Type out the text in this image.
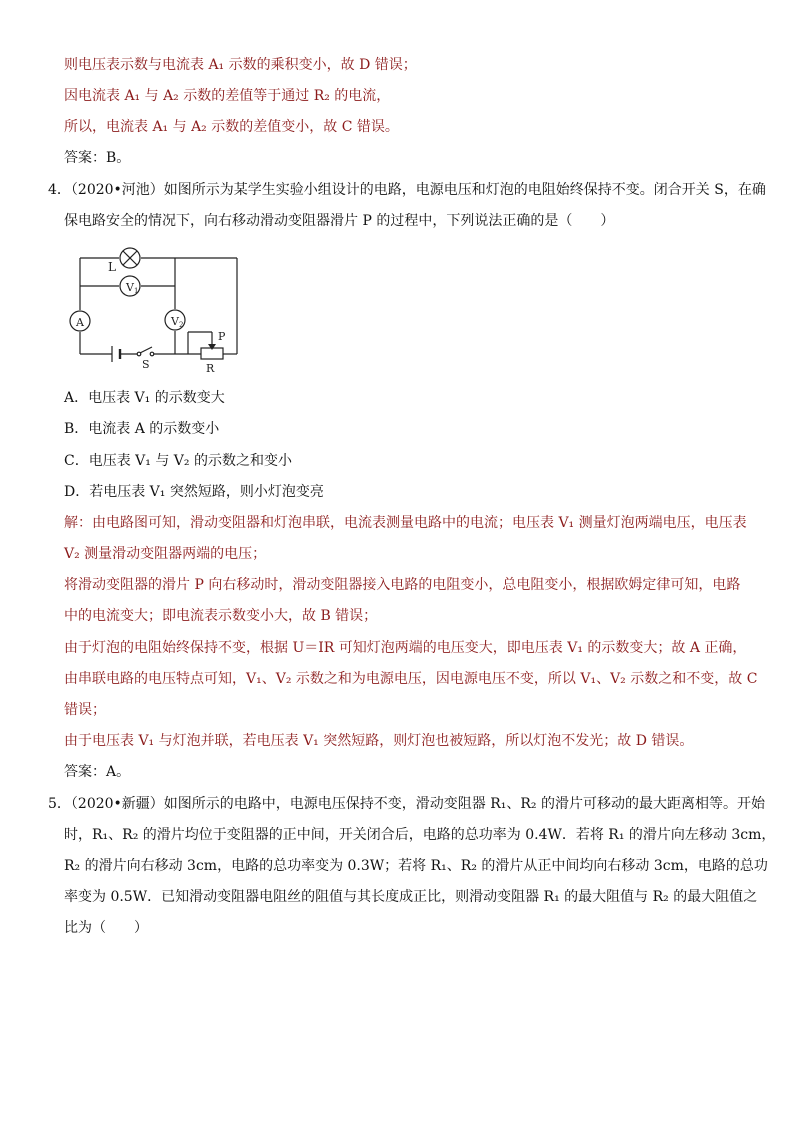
则电压表示数与电流表 A₁ 示数的乘积变小，故 D 错误；
因电流表 A₁ 与 A₂ 示数的差值等于通过 R₂ 的电流，
所以，电流表 A₁ 与 A₂ 示数的差值变小，故 C 错误。
答案：B。
4．（2020•河池）如图所示为某学生实验小组设计的电路，电源电压和灯泡的电阻始终保持不变。闭合开关 S，在确
保电路安全的情况下，向右移动滑动变阻器滑片 P 的过程中，下列说法正确的是（　　）
L
V 1
A	V 2
S
P
R
A．电压表 V₁ 的示数变大
B．电流表 A 的示数变小
C．电压表 V₁ 与 V₂ 的示数之和变小
D．若电压表 V₁ 突然短路，则小灯泡变亮
解：由电路图可知，滑动变阻器和灯泡串联，电流表测量电路中的电流；电压表 V₁ 测量灯泡两端电压，电压表
V₂ 测量滑动变阻器两端的电压；
将滑动变阻器的滑片 P 向右移动时，滑动变阻器接入电路的电阻变小，总电阻变小，根据欧姆定律可知，电路
中的电流变大；即电流表示数变小大，故 B 错误；
由于灯泡的电阻始终保持不变，根据 U＝IR 可知灯泡两端的电压变大，即电压表 V₁ 的示数变大；故 A 正确，
由串联电路的电压特点可知，V₁、V₂ 示数之和为电源电压，因电源电压不变，所以 V₁、V₂ 示数之和不变，故 C
错误；
由于电压表 V₁ 与灯泡并联，若电压表 V₁ 突然短路，则灯泡也被短路，所以灯泡不发光；故 D 错误。
答案：A。
5．（2020•新疆）如图所示的电路中，电源电压保持不变，滑动变阻器 R₁、R₂ 的滑片可移动的最大距离相等。开始
时，R₁、R₂ 的滑片均位于变阻器的正中间，开关闭合后，电路的总功率为 0.4W．若将 R₁ 的滑片向左移动 3cm，
R₂ 的滑片向右移动 3cm，电路的总功率变为 0.3W；若将 R₁、R₂ 的滑片从正中间均向右移动 3cm，电路的总功
率变为 0.5W．已知滑动变阻器电阻丝的阻值与其长度成正比，则滑动变阻器 R₁ 的最大阻值与 R₂ 的最大阻值之
比为（　　）
